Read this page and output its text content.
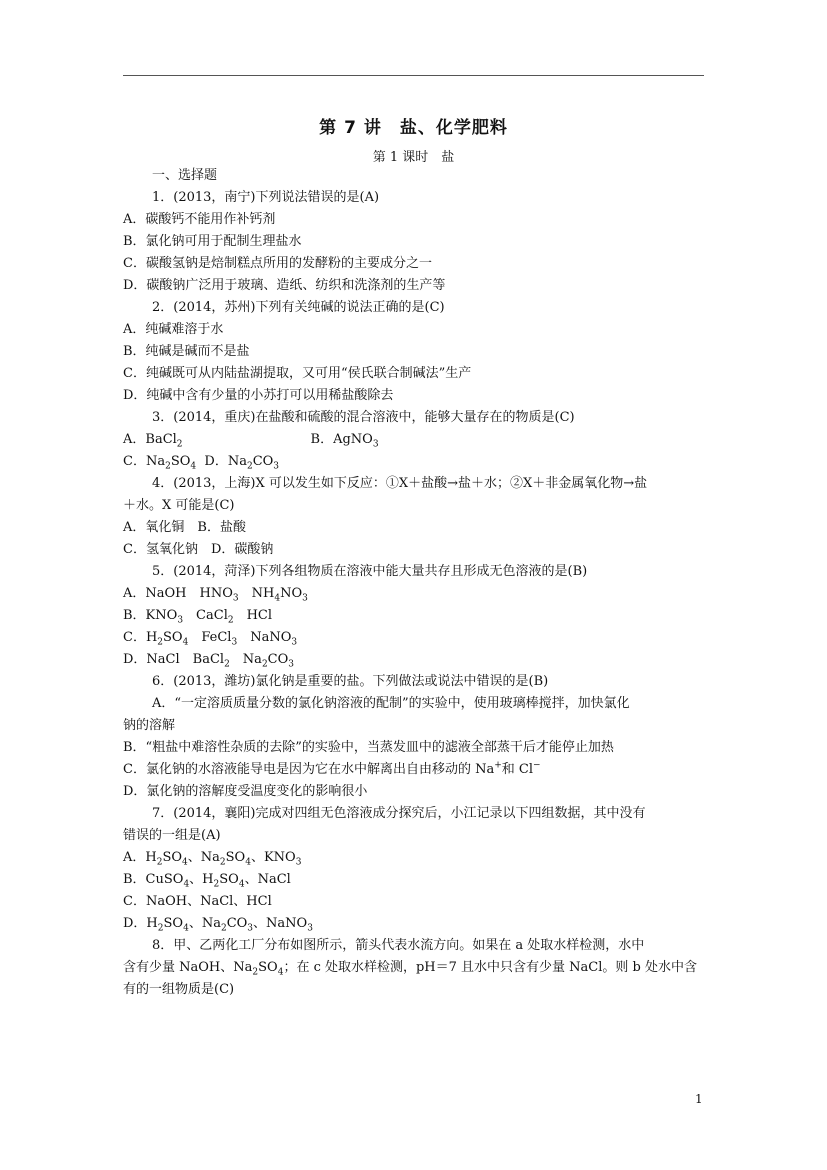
第 7 讲　盐、化学肥料
第 1 课时　盐
一、选择题
1．(2013，南宁)下列说法错误的是(A)
A．碳酸钙不能用作补钙剂
B．氯化钠可用于配制生理盐水
C．碳酸氢钠是焙制糕点所用的发酵粉的主要成分之一
D．碳酸钠广泛用于玻璃、造纸、纺织和洗涤剂的生产等
2．(2014，苏州)下列有关纯碱的说法正确的是(C)
A．纯碱难溶于水
B．纯碱是碱而不是盐
C．纯碱既可从内陆盐湖提取，又可用“侯氏联合制碱法”生产
D．纯碱中含有少量的小苏打可以用稀盐酸除去
3．(2014，重庆)在盐酸和硫酸的混合溶液中，能够大量存在的物质是(C)
A．BaCl$_2$	B．AgNO$_3$
C．$Na_2SO_4$ D．$Na_2CO_3$
4．(2013，上海)X 可以发生如下反应：①X＋盐酸→盐＋水；②X＋非金属氧化物→盐
＋水。X 可能是(C)
A．氧化铜　B．盐酸
C．氢氧化钠　D．碳酸钠
5．(2014，菏泽)下列各组物质在溶液中能大量共存且形成无色溶液的是(B)
A．NaOH　$HNO_3$　$NH_4NO_3$
B．$KNO_3$　CaCl$_2$　HCl
C．$H_2SO_4$　FeCl$_3$　NaNO$_3$
D．NaCl　BaCl$_2$　$Na_2CO_3$
6．(2013，潍坊)氯化钠是重要的盐。下列做法或说法中错误的是(B)
A．“一定溶质质量分数的氯化钠溶液的配制”的实验中，使用玻璃棒搅拌，加快氯化
钠的溶解
B．“粗盐中难溶性杂质的去除”的实验中，当蒸发皿中的滤液全部蒸干后才能停止加热
C．氯化钠的水溶液能导电是因为它在水中解离出自由移动的 Na+和 Cl−
D．氯化钠的溶解度受温度变化的影响很小
7．(2014，襄阳)完成对四组无色溶液成分探究后，小江记录以下四组数据，其中没有
错误的一组是(A)
A．$H_2SO_4$、$Na_2SO_4$、$KNO_3$
B．CuSO$_4$、$H_2SO_4$、NaCl
C．NaOH、NaCl、HCl
D．$H_2SO_4$、$Na_2CO_3$、NaNO$_3$
8．甲、乙两化工厂分布如图所示，箭头代表水流方向。如果在 a 处取水样检测，水中
含有少量 NaOH、$Na_2SO_4$；在 c 处取水样检测，pH＝7 且水中只含有少量 NaCl。则 b 处水中含
有的一组物质是(C)
1
